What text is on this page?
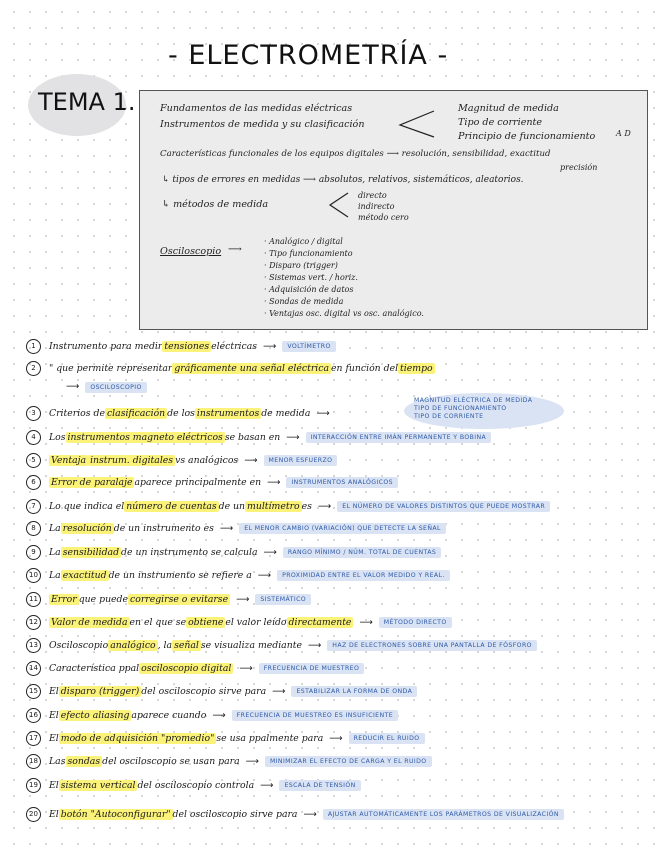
- ELECTROMETRÍA -
TEMA 1.	Fundamentos de las medidas eléctricas
Instrumentos de medida y su clasificación
Magnitud de medida
Tipo de corriente
Principio de funcionamiento	A D
Características funcionales de los equipos digitales ⟶ resolución, sensibilidad, exactitud
precisión
↳ tipos de errores en medidas ⟶ absolutos, relativos, sistemáticos, aleatorios.
↳ métodos de medida
directo
indirecto
método cero
Osciloscopio ⟶
· Analógico / digital
· Tipo funcionamiento
· Disparo (trigger)
· Sistemas vert. / horiz.
· Adquisición de datos
· Sondas de medida
· Ventajas osc. digital vs osc. analógico.
MAGNITUD ELÉCTRICA DE MEDIDA
TIPO DE FUNCIONAMIENTO
TIPO DE CORRIENTE
1	Instrumento para medir tensiones eléctricas ⟶	VOLTÍMETRO
2	" que permite representar gráficamente una señal eléctrica en función del tiempo
⟶ OSCILOSCOPIO
3	Criterios de clasificación de los instrumentos de medida ⟶
4	Los instrumentos magneto eléctricos se basan en ⟶	INTERACCIÓN ENTRE IMÁN PERMANENTE Y BOBINA
5	Ventaja instrum. digitales vs analógicos ⟶	MENOR ESFUERZO
6	Error de paralaje aparece principalmente en ⟶	INSTRUMENTOS ANALÓGICOS
7	Lo que indica el número de cuentas de un multímetro es ⟶	EL NÚMERO DE VALORES DISTINTOS QUE PUEDE MOSTRAR
8	La resolución de un instrumento es ⟶	EL MENOR CAMBIO (VARIACIÓN) QUE DETECTE LA SEÑAL
9	La sensibilidad de un instrumento se calcula ⟶	RANGO MÍNIMO / NÚM. TOTAL DE CUENTAS
10	La exactitud de un instrumento se refiere a ⟶	PROXIMIDAD ENTRE EL VALOR MEDIDO Y REAL.
11	Error que puede corregirse o evitarse ⟶	SISTEMÁTICO
12	Valor de medida en el que se obtiene el valor leído directamente ⟶	MÉTODO DIRECTO
13	Osciloscopio analógico , la señal se visualiza mediante ⟶	HAZ DE ELECTRONES SOBRE UNA PANTALLA DE FÓSFORO
14	Característica ppal osciloscopio digital ⟶	FRECUENCIA DE MUESTREO
15	El disparo (trigger) del osciloscopio sirve para ⟶	ESTABILIZAR LA FORMA DE ONDA
16	El efecto aliasing aparece cuando ⟶	FRECUENCIA DE MUESTREO ES INSUFICIENTE
17	El modo de adquisición "promedio" se usa ppalmente para ⟶	REDUCIR EL RUIDO
18	Las sondas del osciloscopio se usan para ⟶	MINIMIZAR EL EFECTO DE CARGA Y EL RUIDO
19	El sistema vertical del osciloscopio controla ⟶	ESCALA DE TENSIÓN
20	El botón "Autoconfigurar" del osciloscopio sirve para ⟶	AJUSTAR AUTOMÁTICAMENTE LOS PARÁMETROS DE VISUALIZACIÓN
